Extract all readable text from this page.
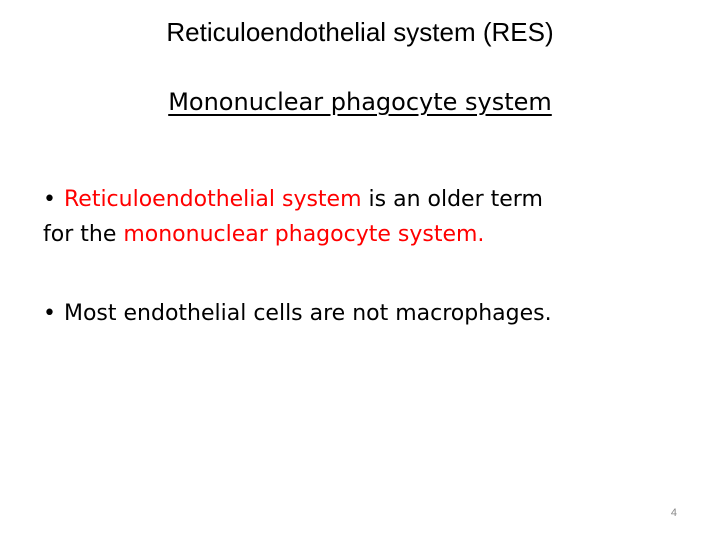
Reticuloendothelial system (RES)
Mononuclear phagocyte system
• Reticuloendothelial system is an older term
for the mononuclear phagocyte system.
• Most endothelial cells are not macrophages.
4
